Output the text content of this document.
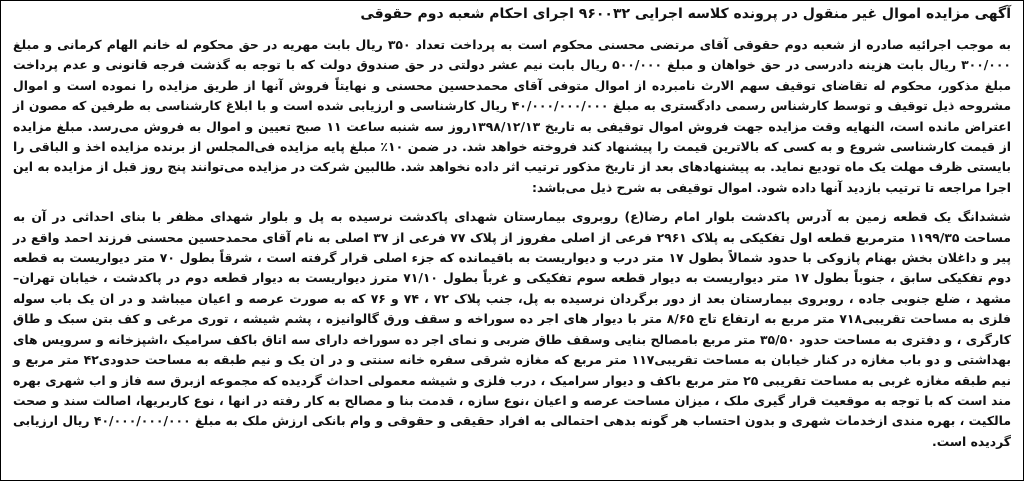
آگهی مزایده اموال غیر منقول در پرونده کلاسه اجرایی ۹۶۰۰۳۲ اجرای احکام شعبه دوم حقوقی

به موجب اجرائیه صادره از شعبه دوم حقوقی آقای مرتضی محسنی محکوم است به پرداخت تعداد ۳۵۰ ریال بابت مهریه در حق محکوم له خانم الهام کرمانی و مبلغ ۳۰۰/۰۰۰ ریال بابت هزینه دادرسی در حق خواهان و مبلغ ۵۰۰/۰۰۰ ریال بابت نیم عشر دولتی در حق صندوق دولت که با توجه به گذشت فرجه قانونی و عدم پرداخت مبلغ مذکور، محکوم له تقاضای توقیف سهم الارث نامبرده از اموال متوفی آقای محمدحسین محسنی و نهایتاً فروش آنها از طریق مزایده را نموده است و اموال مشروحه ذیل توقیف و توسط کارشناس رسمی دادگستری به مبلغ ۴۰/۰۰۰/۰۰۰/۰۰۰ ریال کارشناسی و ارزیابی شده است و با ابلاغ کارشناسی به طرفین که مصون از اعتراض مانده است، النهایه وقت مزایده جهت فروش اموال توقیفی به تاریخ ۱۳۹۸/۱۲/۱۳روز سه شنبه ساعت ۱۱ صبح تعیین و اموال به فروش می‌رسد. مبلغ مزایده از قیمت کارشناسی شروع و به کسی که بالاترین قیمت را پیشنهاد کند فروخته خواهد شد. در ضمن ۱۰٪ مبلغ پایه مزایده فی‌المجلس از برنده مزایده اخذ و الباقی را بایستی ظرف مهلت یک ماه تودیع نماید. به پیشنهادهای بعد از تاریخ مذکور ترتیب اثر داده نخواهد شد. طالبین شرکت در مزایده می‌توانند پنج روز قبل از مزایده به این اجرا مراجعه تا ترتیب بازدید آنها داده شود. اموال توقیفی به شرح ذیل می‌باشد:

ششدانگ یک قطعه زمین به آدرس پاکدشت بلوار امام رضا(ع) روبروی بیمارستان شهدای پاکدشت نرسیده به پل و بلوار شهدای مظفر با بنای احداثی در آن به مساحت ۱۱۹۹/۳۵ مترمربع قطعه اول تفکیکی به پلاک ۲۹۶۱ فرعی از اصلی مفروز از پلاک ۷۷ فرعی از ۳۷ اصلی به نام آقای محمدحسین محسنی فرزند احمد واقع در پیر و داغلان بخش بهنام پازوکی با حدود شمالاً بطول ۱۷ متر درب و دیواریست به باقیمانده که جزء اصلی قرار گرفته است ، شرقاً بطول ۷۰ متر دیواریست به قطعه دوم تفکیکی سابق ، جنوباً بطول ۱۷ متر دیواریست به دیوار قطعه سوم تفکیکی و غرباً بطول ۷۱/۱۰ مترز دیواریست به دیوار قطعه دوم در پاکدشت ، خیابان تهران–مشهد ، ضلع جنوبی جاده ، روبروی بیمارستان بعد از دور برگردان نرسیده به پل، جنب پلاک ۷۲ ، ۷۴ و ۷۶ که به صورت عرصه و اعیان میباشد و در ان یک باب سوله فلزی به مساحت تقریبی۷۱۸ متر مربع به ارتفاع تاج ۸/۶۵ متر با دیوار های اجر ده سوراخه و سقف ورق گالوانیزه ، پشم شیشه ، توری مرغی و کف بتن سبک و طاق کارگری ، و دفتری به مساحت حدود ۳۵/۵۰ متر مربع بامصالح بنایی وسقف طاق ضربی و نمای اجر ده سوراخه دارای سه اتاق باکف سرامیک ،اشپزخانه و سرویس های بهداشتی و دو باب مغازه در کنار خیابان به مساحت تقریبی۱۱۷ متر مربع که مغازه شرقی سفره خانه سنتی و در ان یک و نیم طبقه به مساحت حدودی۴۲ متر مربع و نیم طبقه مغازه غربی به مساحت تقریبی ۲۵ متر مربع باکف و دیوار سرامیک ، درب فلزی و شیشه معمولی احداث گردیده که مجموعه ازبرق سه فاز و اب شهری بهره مند است که با توجه به موقعیت قرار گیری ملک ، میزان مساحت عرصه و اعیان ،نوع سازه ، قدمت بنا و مصالح به کار رفته در انها ، نوع کاربریها، اصالت سند و صحت مالکیت ، بهره مندی ازخدمات شهری و بدون احتساب هر گونه بدهی احتمالی به افراد حقیقی و حقوقی و وام بانکی ارزش ملک به مبلغ ۴۰/۰۰۰/۰۰۰/۰۰۰ ریال ارزیابی گردیده است.
